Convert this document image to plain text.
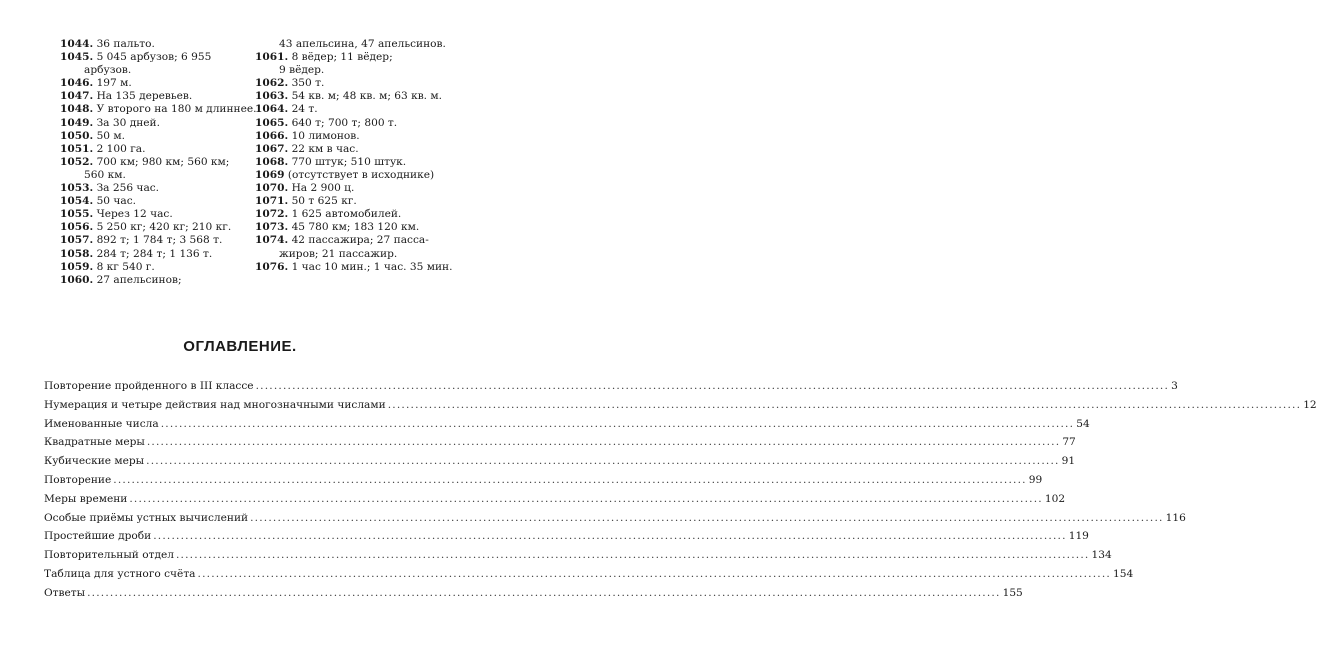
1044. 36 пальто.
1045. 5 045 арбузов; 6 955
арбузов.
1046. 197 м.
1047. На 135 деревьев.
1048. У второго на 180 м длиннее.
1049. За 30 дней.
1050. 50 м.
1051. 2 100 га.
1052. 700 км; 980 км; 560 км;
560 км.
1053. За 256 час.
1054. 50 час.
1055. Через 12 час.
1056. 5 250 кг; 420 кг; 210 кг.
1057. 892 т; 1 784 т; 3 568 т.
1058. 284 т; 284 т; 1 136 т.
1059. 8 кг 540 г.
1060. 27 апельсинов;
43 апельсина, 47 апельсинов.
1061. 8 вёдер; 11 вёдер;
9 вёдер.
1062. 350 т.
1063. 54 кв. м; 48 кв. м; 63 кв. м.
1064. 24 т.
1065. 640 т; 700 т; 800 т.
1066. 10 лимонов.
1067. 22 км в час.
1068. 770 штук; 510 штук.
1069 (отсутствует в исходнике)
1070. На 2 900 ц.
1071. 50 т 625 кг.
1072. 1 625 автомобилей.
1073. 45 780 км; 183 120 км.
1074. 42 пассажира; 27 пасса-
жиров; 21 пассажир.
1076. 1 час 10 мин.; 1 час. 35 мин.
ОГЛАВЛЕНИЕ.
Повторение пройденного в III классе ........................................................................................................................................................................................................ 3
Нумерация и четыре действия над многозначными числами ........................................................................................................................................................................................................ 12
Именованные числа ........................................................................................................................................................................................................ 54
Квадратные меры ........................................................................................................................................................................................................ 77
Кубические меры ........................................................................................................................................................................................................ 91
Повторение ........................................................................................................................................................................................................ 99
Меры времени ........................................................................................................................................................................................................ 102
Особые приёмы устных вычислений ........................................................................................................................................................................................................ 116
Простейшие дроби ........................................................................................................................................................................................................ 119
Повторительный отдел ........................................................................................................................................................................................................ 134
Таблица для устного счёта ........................................................................................................................................................................................................ 154
Ответы ........................................................................................................................................................................................................ 155
